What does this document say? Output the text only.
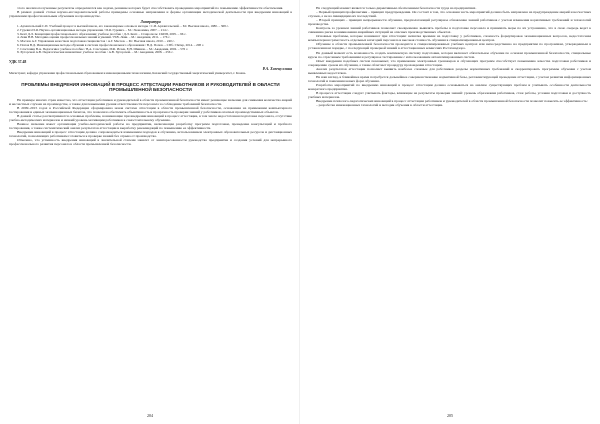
этого анализа полученные результаты определяются как задачи, решение которых будет способствовать проведению мероприятий по повышению эффективности обеспечения.

В рамках данной статьи научно-исследовательской работы приведены основные направления и формы организации методической деятельности при внедрении инноваций в управлении профессиональным обучением на производстве.

Литература

1. Архангельский С.И. Учебный процесс в высшей школе, его закономерные основы и методы / С.И. Архангельский. – М.: Высшая школа, 1980. – 368 с.

2. Гуревич И.Я. Научно-организационные методы управления / И.Я. Гуревич. – М.: Экономика, 2007. – 214 с.

3. Кент Д.Л. Концепция профессионального образования: учебное пособие / Д.Л. Кент. – Ставрополь: СКИП, 2005. – 96 с.

4. Леви Н.В. Методика оценки профессиональных знаний и умений / Н.В. Леви. – М.: Академия, 2011. – 176 с.

5. Маслов А.Г. Управление качеством подготовки специалистов / А.Г. Маслов. – М.: Высшая школа, 2010. – 240 с.

6. Попов В.Д. Инновационные методы обучения в системе профессионального образования / В.Д. Попов. – СПб.: Питер, 2014. – 208 с.

7. Сластенин В.А. Педагогика: учебное пособие / В.А. Сластенин, И.Ф. Исаев, Е.Н. Шиянов. – М.: Академия, 2002. – 576 с.

8. Хуторской А.В. Педагогическая инноватика: учебное пособие / А.В. Хуторской. – М.: Академия, 2008. – 256 с.

УДК 37.48

Р.А. Хазеиуллина

Магистрант, кафедра управления профессиональным образованием и инновационными технологиями, Казанский государственный энергетический университет, г. Казань

ПРОБЛЕМЫ ВНЕДРЕНИЯ ИННОВАЦИЙ В ПРОЦЕСС АТТЕСТАЦИИ РАБОТНИКОВ И РУКОВОДИТЕЛЕЙ В ОБЛАСТИ ПРОМЫШЛЕННОЙ БЕЗОПАСНОСТИ

На примере многих стран известно, что аттестация работников и руководителей в области промышленной безопасности имеет решающее значение для снижения количества аварий и несчастных случаев на производстве, а также для повышения уровня ответственности персонала за соблюдение требований безопасности.

В 2009–2015 годах в Российской Федерации сформирована новая система аттестации в области промышленной безопасности, основанная на применении компьютерного тестирования и единых экзаменационных билетов, что позволило обеспечить объективность и прозрачность проверки знаний у работников опасных производственных объектов.

В данной статье рассматриваются основные проблемы, возникающие при внедрении инноваций в процесс аттестации, в том числе недостаточная подготовка персонала, отсутствие учебно-методических материалов и низкий уровень мотивации работников к самостоятельному обучению.

Важное значение имеет организация учебно-методической работы на предприятии, включающая разработку программ подготовки, проведение консультаций и пробного тестирования, а также систематический анализ результатов аттестации и выработку рекомендаций по повышению ее эффективности.

Внедрение инноваций в процесс аттестации должно сопровождаться изменением подходов к обучению, использованием электронных образовательных ресурсов и дистанционных технологий, позволяющих работникам готовиться к проверке знаний без отрыва от производства.

Отмечено, что успешность внедрения инноваций в значительной степени зависит от заинтересованности руководства предприятия и создания условий для непрерывного профессионального развития персонала в области промышленной безопасности.

204

На следующий момент является только директивным обеспечением безопасности труда на предприятиях.

– Первый принцип профилактики – принцип предупреждения. Он состоит в том, что основная часть мероприятий должна быть направлена на предупреждение аварий и несчастных случаев, а не на ликвидацию их последствий.

– Второй принцип – принцип непрерывности обучения, предполагающий регулярное обновление знаний работников с учетом изменения нормативных требований и технологий производства.

Контроль за уровнем знаний работников позволяет своевременно выявлять пробелы в подготовке персонала и принимать меры по их устранению, что в свою очередь ведет к снижению риска возникновения аварийных ситуаций на опасных производственных объектах.

Основные проблемы, которые возникают при аттестации: нехватка времени на подготовку у работников, сложность формулировок экзаменационных вопросов, недостаточная компьютерная грамотность отдельных категорий персонала и высокая стоимость обучения в специализированных центрах.

Обучение в области промышленной безопасности проводится в специализированных учебных центрах или непосредственно на предприятии по программам, утвержденным в установленном порядке, с последующей проверкой знаний в аттестационных комиссиях Ростехнадзора.

На данный момент есть возможность создать комплексную систему подготовки, которая включает обязательное обучение по основам промышленной безопасности, специальные курсы по отраслевым требованиям и регулярное тестирование с использованием автоматизированных систем.

Опыт внедрения подобных систем показывает, что применение электронных тренажеров и обучающих программ способствует повышению качества подготовки работников и сокращению сроков их обучения, а также облегчает процедуру прохождения аттестации.

Анализ результатов аттестации позволяет выявить наиболее сложные для работников разделы нормативных требований и скорректировать программы обучения с учетом выявленных недостатков.

На наш взгляд, в ближайшее время потребуется дальнейшее совершенствование нормативной базы, регламентирующей проведение аттестации, с учетом развития информационных технологий и появления новых форм обучения.

Разработка мероприятий по внедрению инноваций в процесс аттестации должна основываться на анализе существующих проблем и учитывать особенности деятельности конкретного предприятия.

В процессе аттестации следует учитывать факторы, влияющие на результаты проверки знаний: уровень образования работников, стаж работы, условия подготовки и доступность учебных материалов.

Внедрение психолого-педагогических инноваций в процесс аттестации работников и руководителей в области промышленной безопасности позволит повысить ее эффективность:

– разработка инновационных технологий и методик обучения в области аттестации.

205
